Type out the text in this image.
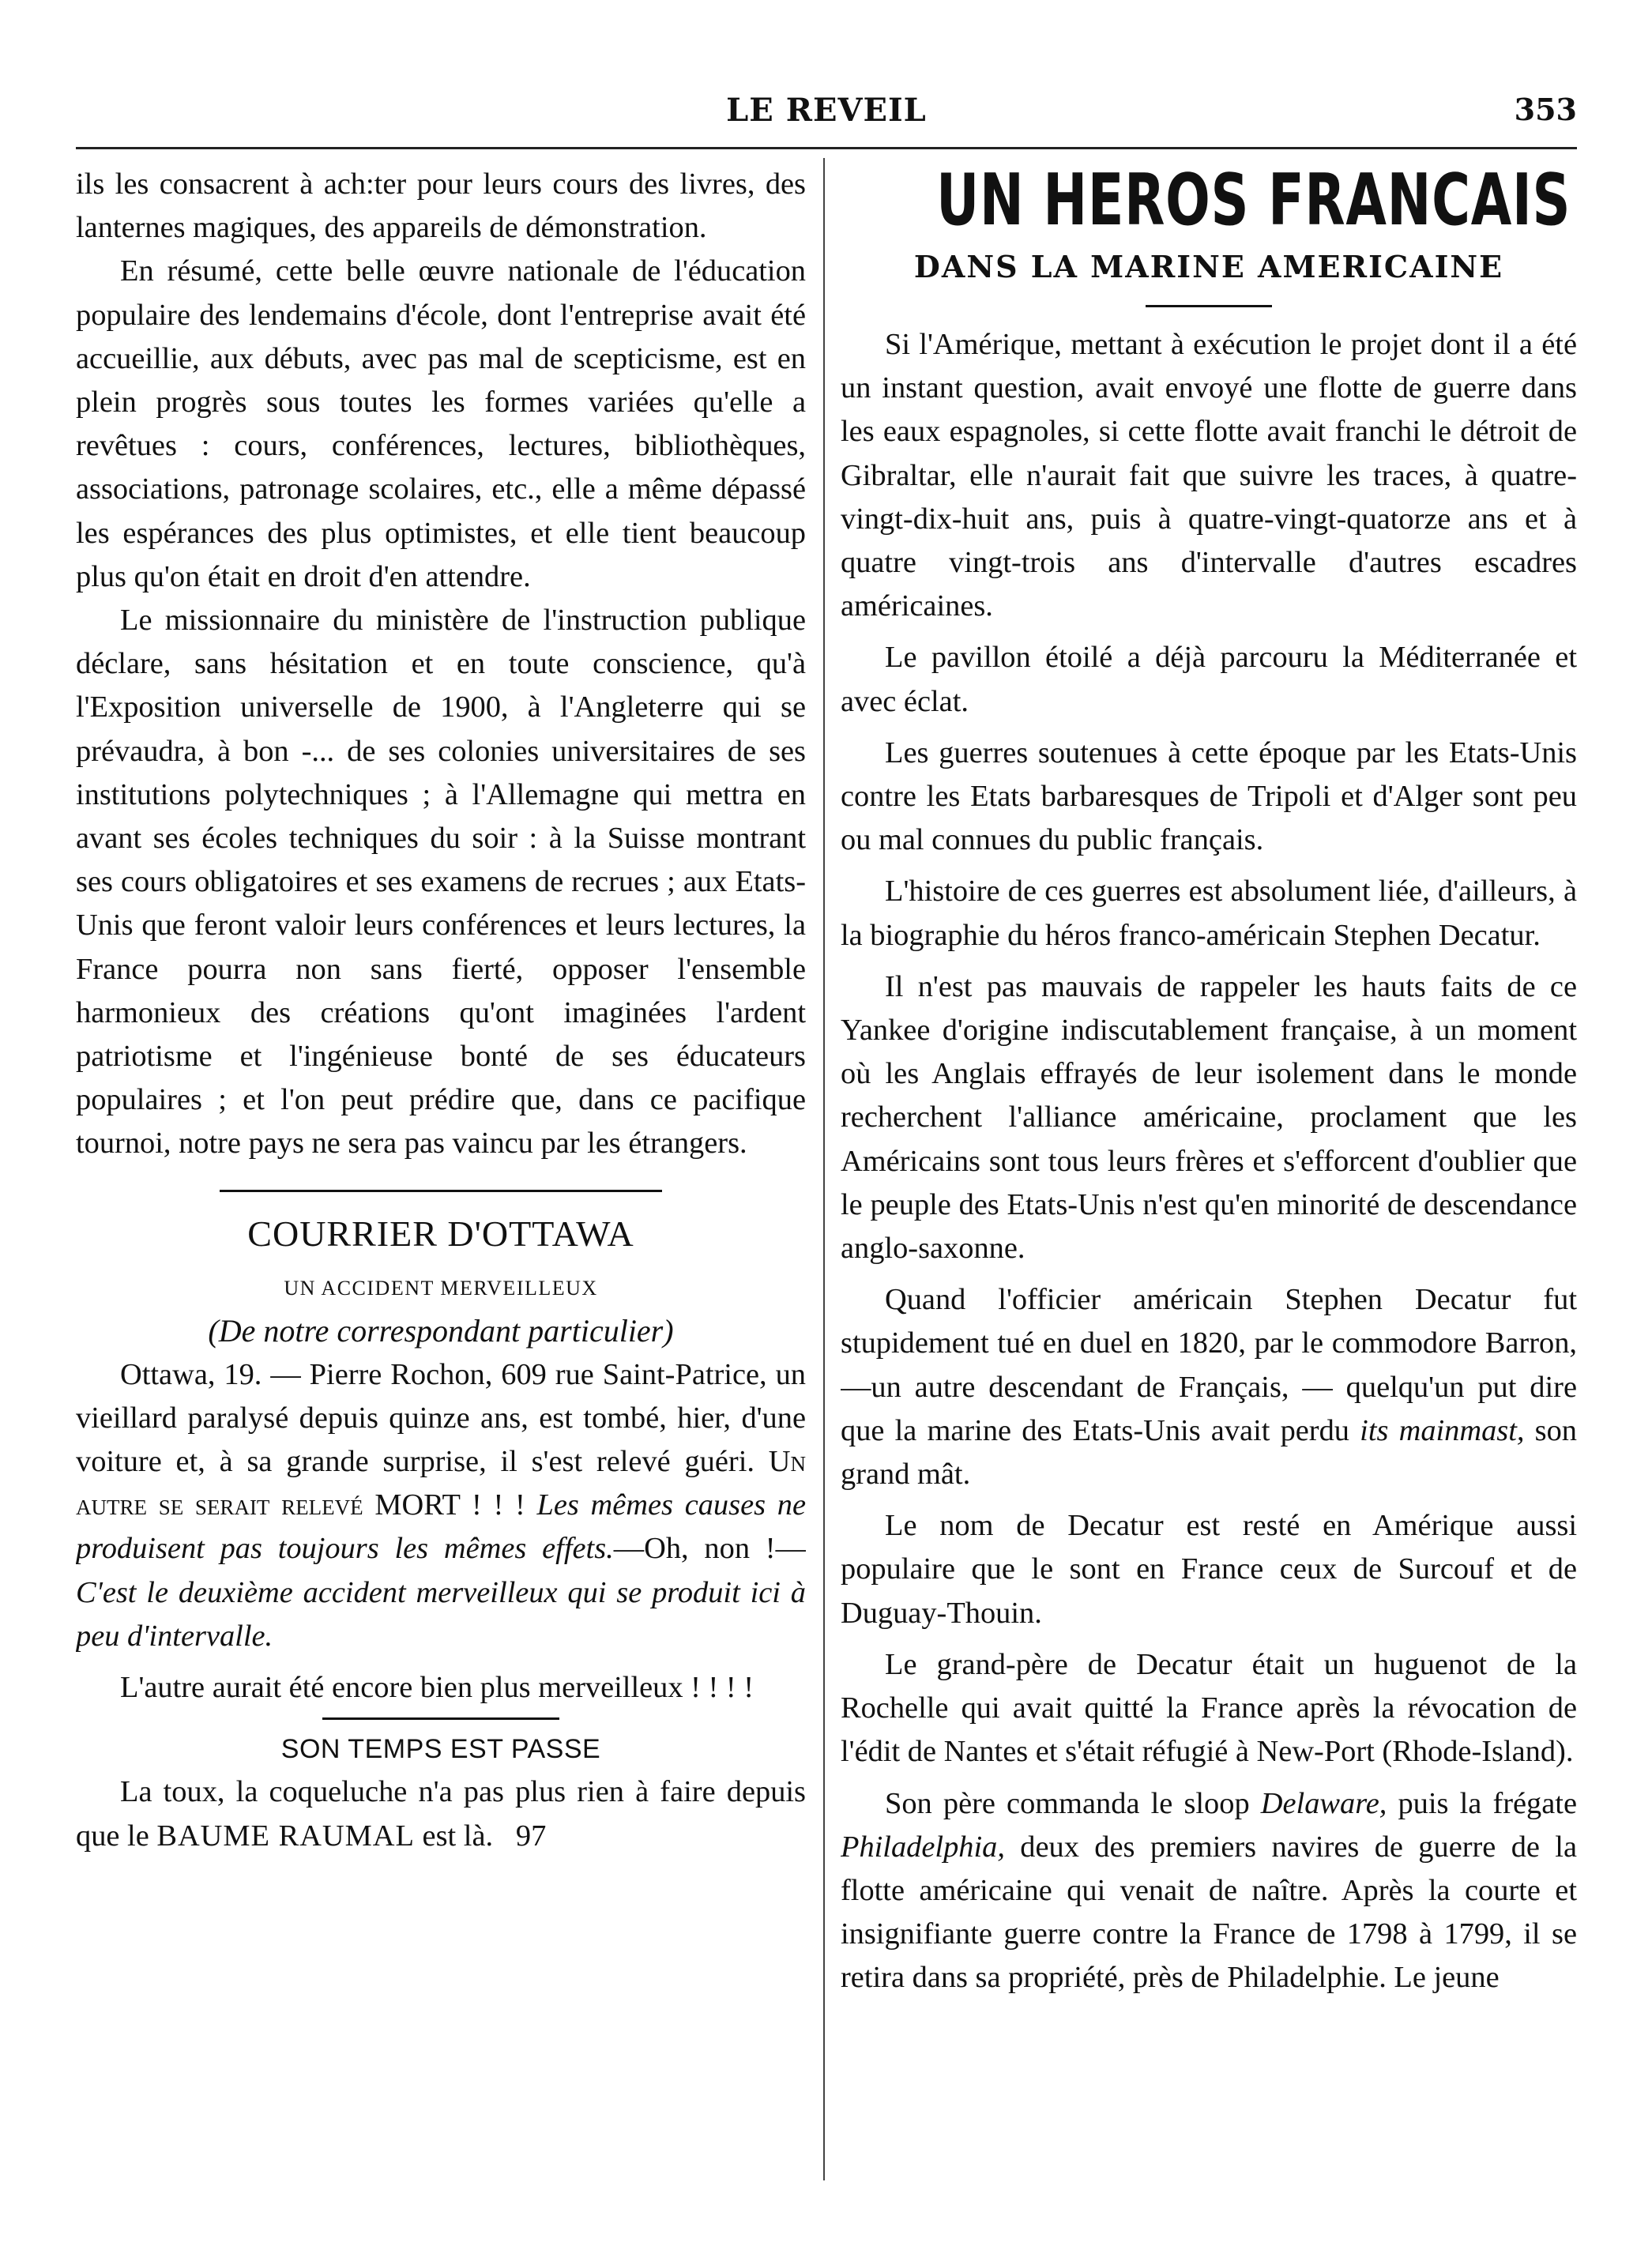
LE REVEIL	353

ils les consacrent à ach:ter pour leurs cours des livres, des lanternes magiques, des appareils de démonstration.

En résumé, cette belle œuvre nationale de l'éducation populaire des lendemains d'école, dont l'entreprise avait été accueillie, aux débuts, avec pas mal de scepticisme, est en plein progrès sous toutes les formes variées qu'elle a revêtues : cours, conférences, lectures, bibliothèques, associations, patronage scolaires, etc., elle a même dépassé les espérances des plus optimistes, et elle tient beaucoup plus qu'on était en droit d'en attendre.

Le missionnaire du ministère de l'instruction publique déclare, sans hésitation et en toute conscience, qu'à l'Exposition universelle de 1900, à l'Angleterre qui se prévaudra, à bon -... de ses colonies universitaires de ses institutions polytechniques ; à l'Allemagne qui mettra en avant ses écoles techniques du soir : à la Suisse montrant ses cours obligatoires et ses examens de recrues ; aux Etats-Unis que feront valoir leurs conférences et leurs lectures, la France pourra non sans fierté, opposer l'ensemble harmonieux des créations qu'ont imaginées l'ardent patriotisme et l'ingénieuse bonté de ses éducateurs populaires ; et l'on peut prédire que, dans ce pacifique tournoi, notre pays ne sera pas vaincu par les étrangers.

COURRIER D'OTTAWA
UN ACCIDENT MERVEILLEUX
(De notre correspondant particulier)

Ottawa, 19. — Pierre Rochon, 609 rue Saint-Patrice, un vieillard paralysé depuis quinze ans, est tombé, hier, d'une voiture et, à sa grande surprise, il s'est relevé guéri. Un autre se serait relevé MORT ! ! ! Les mêmes causes ne produisent pas toujours les mêmes effets.—Oh, non !— C'est le deuxième accident merveilleux qui se produit ici à peu d'intervalle.

L'autre aurait été encore bien plus merveilleux ! ! ! !

SON TEMPS EST PASSE

La toux, la coqueluche n'a pas plus rien à faire depuis que le BAUME RAUMAL est là. 97

UN HEROS FRANCAIS
DANS LA MARINE AMERICAINE

Si l'Amérique, mettant à exécution le projet dont il a été un instant question, avait envoyé une flotte de guerre dans les eaux espagnoles, si cette flotte avait franchi le détroit de Gibraltar, elle n'aurait fait que suivre les traces, à quatre-vingt-dix-huit ans, puis à quatre-vingt-quatorze ans et à quatre vingt-trois ans d'intervalle d'autres escadres américaines.

Le pavillon étoilé a déjà parcouru la Méditerranée et avec éclat.

Les guerres soutenues à cette époque par les Etats-Unis contre les Etats barbaresques de Tripoli et d'Alger sont peu ou mal connues du public français.

L'histoire de ces guerres est absolument liée, d'ailleurs, à la biographie du héros franco-américain Stephen Decatur.

Il n'est pas mauvais de rappeler les hauts faits de ce Yankee d'origine indiscutablement française, à un moment où les Anglais effrayés de leur isolement dans le monde recherchent l'alliance américaine, proclament que les Américains sont tous leurs frères et s'efforcent d'oublier que le peuple des Etats-Unis n'est qu'en minorité de descendance anglo-saxonne.

Quand l'officier américain Stephen Decatur fut stupidement tué en duel en 1820, par le commodore Barron,—un autre descendant de Français, — quelqu'un put dire que la marine des Etats-Unis avait perdu its mainmast, son grand mât.

Le nom de Decatur est resté en Amérique aussi populaire que le sont en France ceux de Surcouf et de Duguay-Thouin.

Le grand-père de Decatur était un huguenot de la Rochelle qui avait quitté la France après la révocation de l'édit de Nantes et s'était réfugié à New-Port (Rhode-Island).

Son père commanda le sloop Delaware, puis la frégate Philadelphia, deux des premiers navires de guerre de la flotte américaine qui venait de naître. Après la courte et insignifiante guerre contre la France de 1798 à 1799, il se retira dans sa propriété, près de Philadelphie. Le jeune
